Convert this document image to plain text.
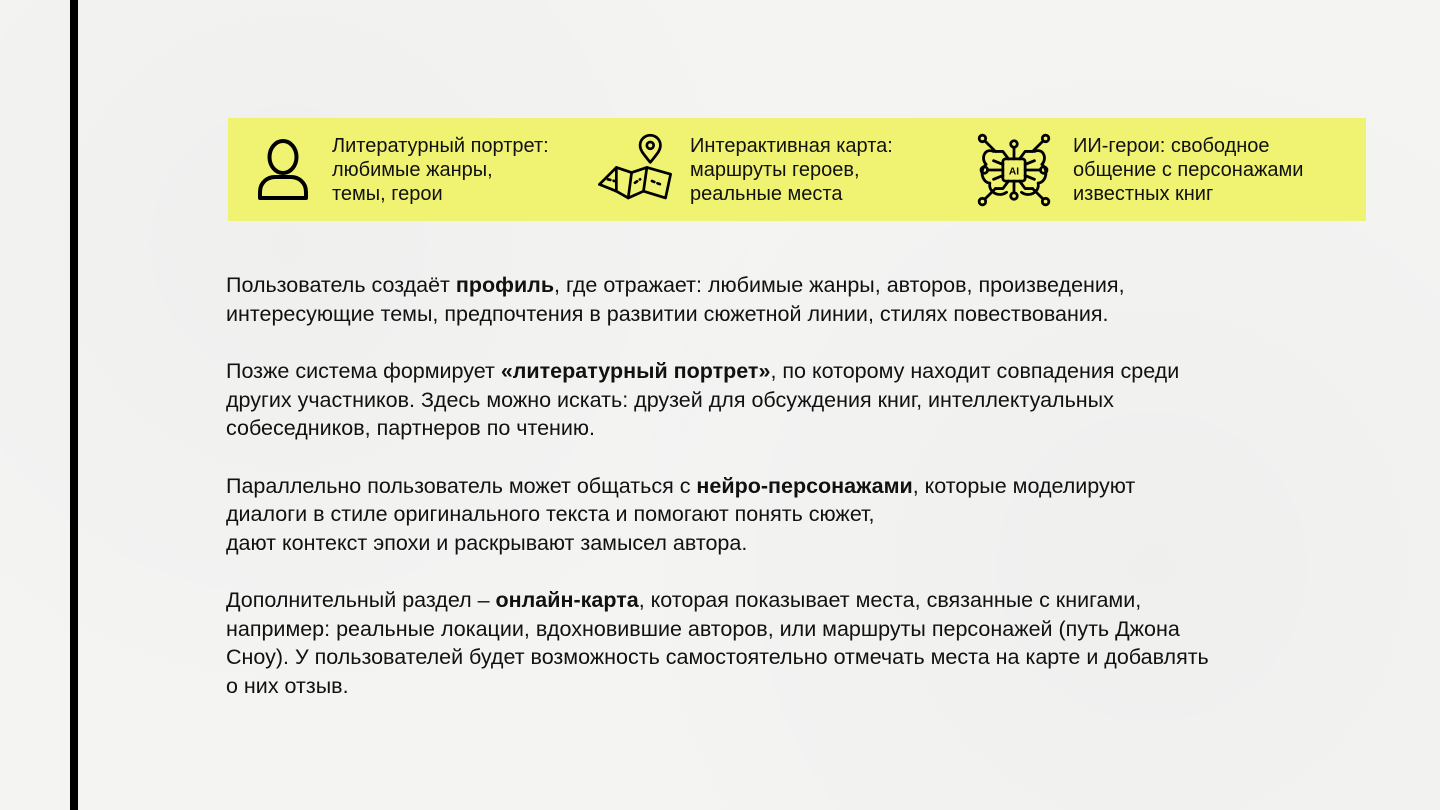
Литературный портрет:
любимые жанры,
темы, герои
Интерактивная карта:
маршруты героев,
реальные места
AI
ИИ-герои: свободное
общение с персонажами
известных книг

Пользователь создаёт профиль, где отражает: любимые жанры, авторов, произведения,
интересующие темы, предпочтения в развитии сюжетной линии, стилях повествования.

Позже система формирует «литературный портрет», по которому находит совпадения среди
других участников. Здесь можно искать: друзей для обсуждения книг, интеллектуальных
собеседников, партнеров по чтению.

Параллельно пользователь может общаться с нейро-персонажами, которые моделируют
диалоги в стиле оригинального текста и помогают понять сюжет,
дают контекст эпохи и раскрывают замысел автора.

Дополнительный раздел – онлайн-карта, которая показывает места, связанные с книгами,
например: реальные локации, вдохновившие авторов, или маршруты персонажей (путь Джона
Сноу). У пользователей будет возможность самостоятельно отмечать места на карте и добавлять
о них отзыв.
